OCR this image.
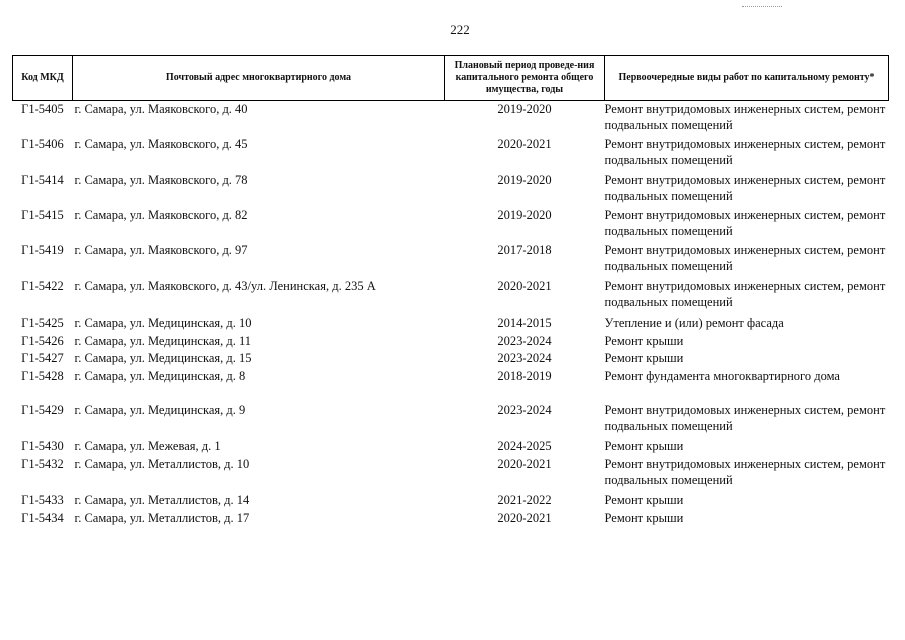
222
Код МКД	Почтовый адрес многоквартирного дома	Плановый период проведе-ния капитального ремонта общего имущества, годы	Первоочередные виды работ по капитальному ремонту*
Г1-5405	г. Самара, ул. Маяковского, д. 40	2019-2020	Ремонт внутридомовых инженерных систем, ремонт подвальных помещений
Г1-5406	г. Самара, ул. Маяковского, д. 45	2020-2021	Ремонт внутридомовых инженерных систем, ремонт подвальных помещений
Г1-5414	г. Самара, ул. Маяковского, д. 78	2019-2020	Ремонт внутридомовых инженерных систем, ремонт подвальных помещений
Г1-5415	г. Самара, ул. Маяковского, д. 82	2019-2020	Ремонт внутридомовых инженерных систем, ремонт подвальных помещений
Г1-5419	г. Самара, ул. Маяковского, д. 97	2017-2018	Ремонт внутридомовых инженерных систем, ремонт подвальных помещений
Г1-5422	г. Самара, ул. Маяковского, д. 43/ул. Ленинская, д. 235 А	2020-2021	Ремонт внутридомовых инженерных систем, ремонт подвальных помещений
Г1-5425	г. Самара, ул. Медицинская, д. 10	2014-2015	Утепление и (или) ремонт фасада
Г1-5426	г. Самара, ул. Медицинская, д. 11	2023-2024	Ремонт крыши
Г1-5427	г. Самара, ул. Медицинская, д. 15	2023-2024	Ремонт крыши
Г1-5428	г. Самара, ул. Медицинская, д. 8	2018-2019	Ремонт фундамента многоквартирного дома
Г1-5429	г. Самара, ул. Медицинская, д. 9	2023-2024	Ремонт внутридомовых инженерных систем, ремонт подвальных помещений
Г1-5430	г. Самара, ул. Межевая, д. 1	2024-2025	Ремонт крыши
Г1-5432	г. Самара, ул. Металлистов, д. 10	2020-2021	Ремонт внутридомовых инженерных систем, ремонт подвальных помещений
Г1-5433	г. Самара, ул. Металлистов, д. 14	2021-2022	Ремонт крыши
Г1-5434	г. Самара, ул. Металлистов, д. 17	2020-2021	Ремонт крыши
